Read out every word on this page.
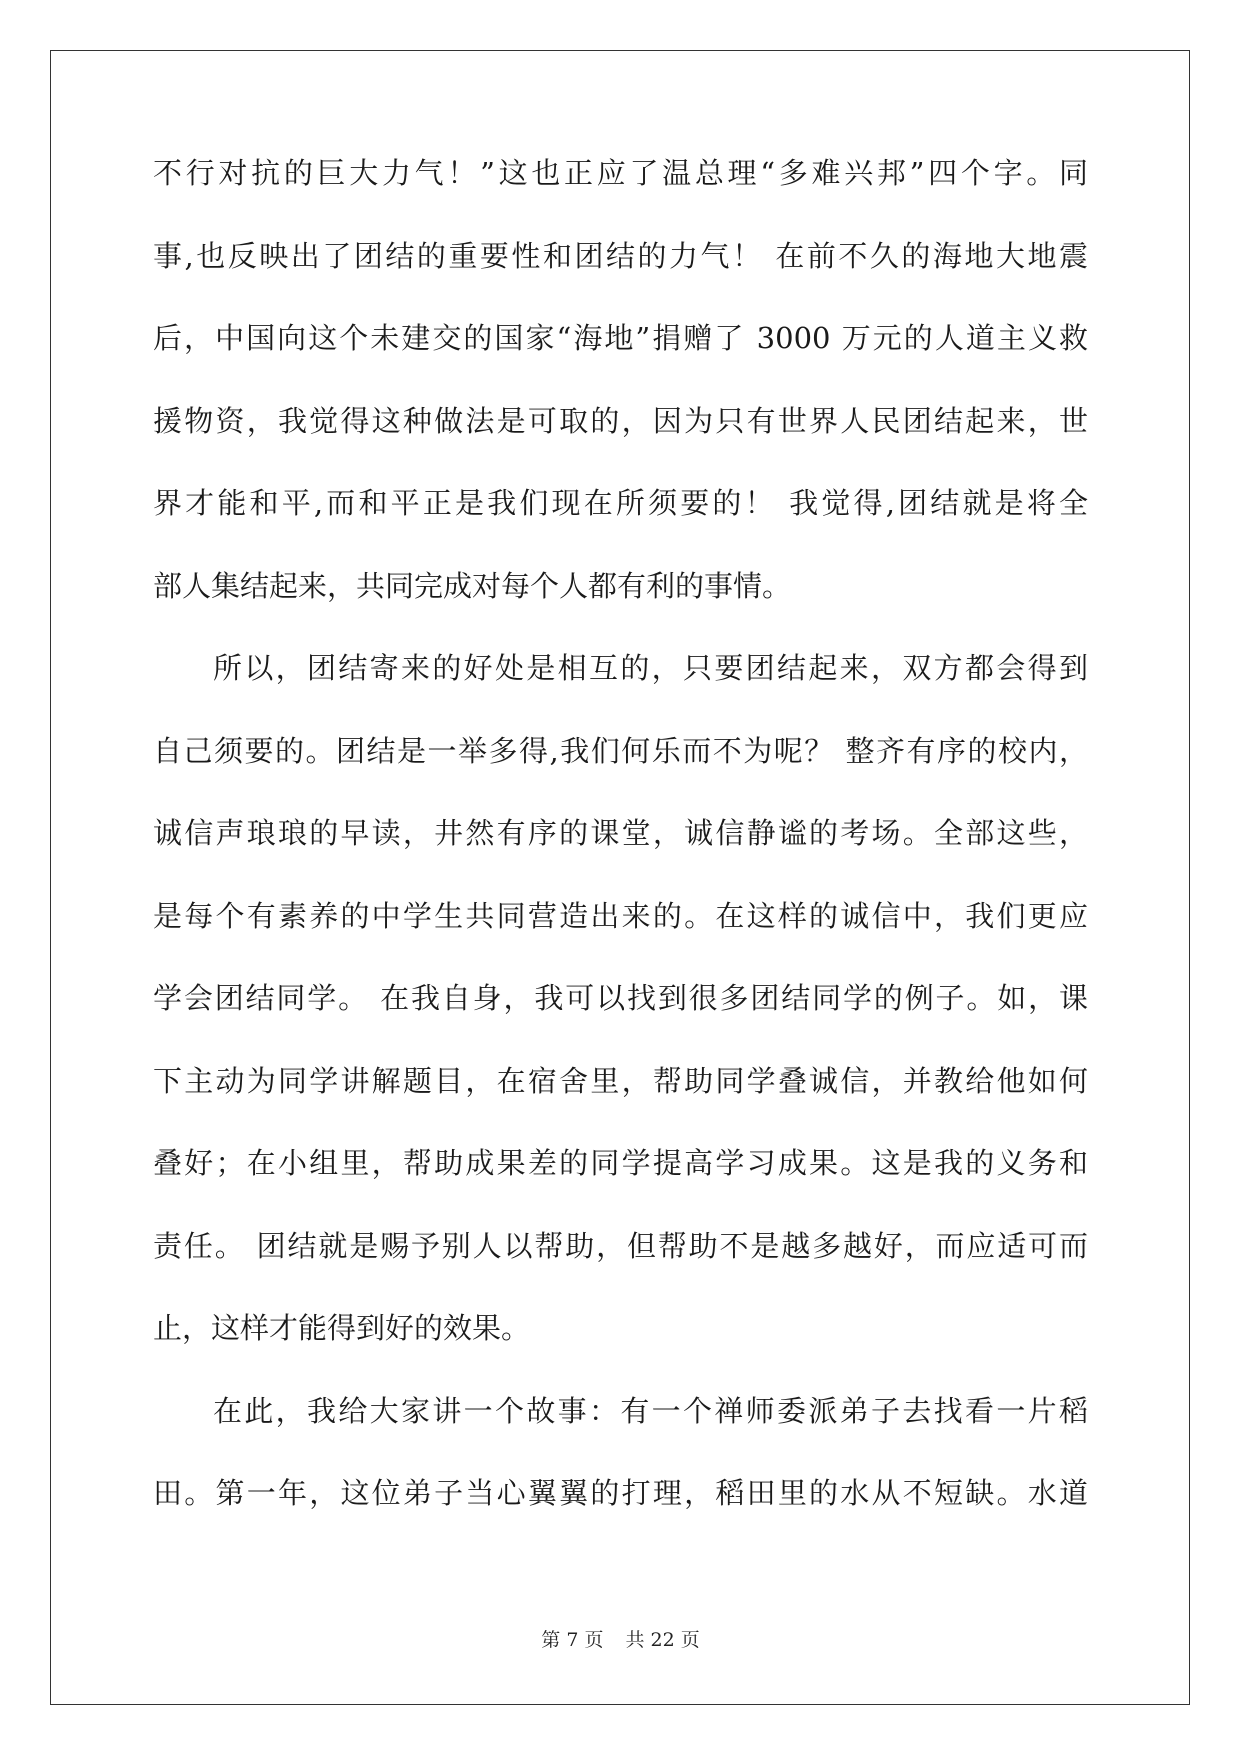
不行对抗的巨大力气！”这也正应了温总理“多难兴邦”四个字。同
事,也反映出了团结的重要性和团结的力气！ 在前不久的海地大地震
后，中国向这个未建交的国家“海地”捐赠了 3000 万元的人道主义救
援物资，我觉得这种做法是可取的，因为只有世界人民团结起来，世
界才能和平,而和平正是我们现在所须要的！ 我觉得,团结就是将全
部人集结起来，共同完成对每个人都有利的事情。
所以，团结寄来的好处是相互的，只要团结起来，双方都会得到
自己须要的。团结是一举多得,我们何乐而不为呢？ 整齐有序的校内，
诚信声琅琅的早读，井然有序的课堂，诚信静谧的考场。全部这些，
是每个有素养的中学生共同营造出来的。在这样的诚信中，我们更应
学会团结同学。 在我自身，我可以找到很多团结同学的例子。如，课
下主动为同学讲解题目，在宿舍里，帮助同学叠诚信，并教给他如何
叠好；在小组里，帮助成果差的同学提高学习成果。这是我的义务和
责任。 团结就是赐予别人以帮助，但帮助不是越多越好，而应适可而
止，这样才能得到好的效果。
在此，我给大家讲一个故事：有一个禅师委派弟子去找看一片稻
田。第一年，这位弟子当心翼翼的打理，稻田里的水从不短缺。水道
第 7 页 共 22 页
